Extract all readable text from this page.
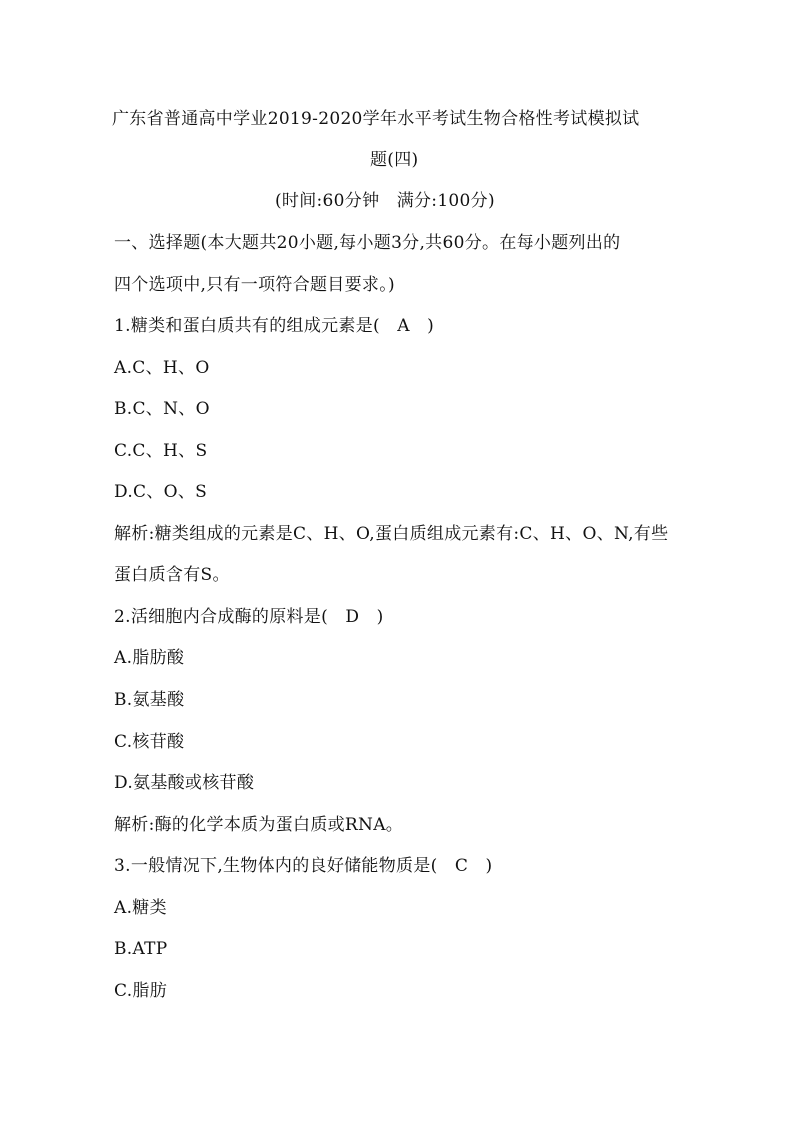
广东省普通高中学业2019-2020学年水平考试生物合格性考试模拟试
题(四)
(时间:60分钟　满分:100分)
一、选择题(本大题共20小题,每小题3分,共60分。在每小题列出的
四个选项中,只有一项符合题目要求。)
1.糖类和蛋白质共有的组成元素是(　A　)
A.C、H、O
B.C、N、O
C.C、H、S
D.C、O、S
解析:糖类组成的元素是C、H、O,蛋白质组成元素有:C、H、O、N,有些
蛋白质含有S。
2.活细胞内合成酶的原料是(　D　)
A.脂肪酸
B.氨基酸
C.核苷酸
D.氨基酸或核苷酸
解析:酶的化学本质为蛋白质或RNA。
3.一般情况下,生物体内的良好储能物质是(　C　)
A.糖类
B.ATP
C.脂肪
